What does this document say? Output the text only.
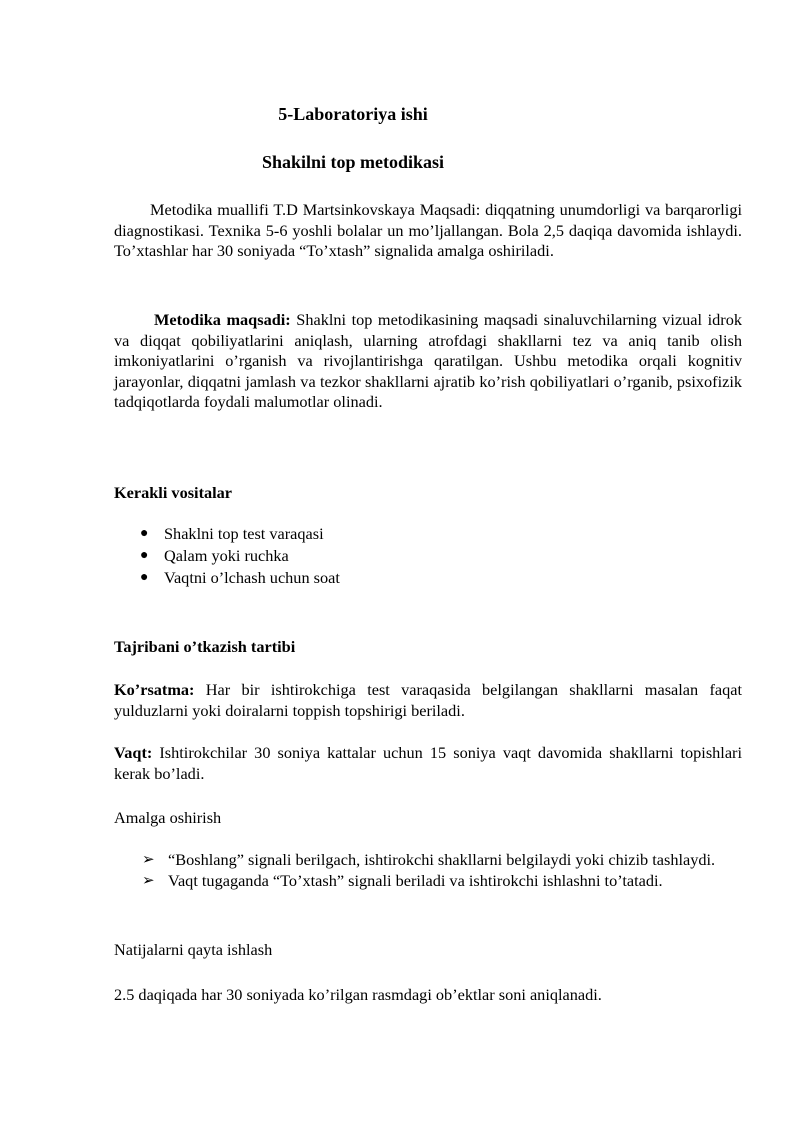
5-Laboratoriya ishi

Shakilni top metodikasi

Metodika muallifi T.D Martsinkovskaya Maqsadi: diqqatning unumdorligi va barqarorligi diagnostikasi. Texnika 5-6 yoshli bolalar un mo’ljallangan. Bola 2,5 daqiqa davomida ishlaydi. To’xtashlar har 30 soniyada “To’xtash” signalida amalga oshiriladi.

Metodika maqsadi: Shaklni top metodikasining maqsadi sinaluvchilarning vizual idrok va diqqat qobiliyatlarini aniqlash, ularning atrofdagi shakllarni tez va aniq tanib olish imkoniyatlarini o’rganish va rivojlantirishga qaratilgan. Ushbu metodika orqali kognitiv jarayonlar, diqqatni jamlash va tezkor shakllarni ajratib ko’rish qobiliyatlari o’rganib, psixofizik tadqiqotlarda foydali malumotlar olinadi.

Kerakli vositalar

● Shaklni top test varaqasi
● Qalam yoki ruchka
● Vaqtni o’lchash uchun soat

Tajribani o’tkazish tartibi

Ko’rsatma: Har bir ishtirokchiga test varaqasida belgilangan shakllarni masalan faqat yulduzlarni yoki doiralarni toppish topshirigi beriladi.

Vaqt: Ishtirokchilar 30 soniya kattalar uchun 15 soniya vaqt davomida shakllarni topishlari kerak bo’ladi.

Amalga oshirish

➢ “Boshlang” signali berilgach, ishtirokchi shakllarni belgilaydi yoki chizib tashlaydi.
➢ Vaqt tugaganda “To’xtash” signali beriladi va ishtirokchi ishlashni to’tatadi.

Natijalarni qayta ishlash

2.5 daqiqada har 30 soniyada ko’rilgan rasmdagi ob’ektlar soni aniqlanadi.
